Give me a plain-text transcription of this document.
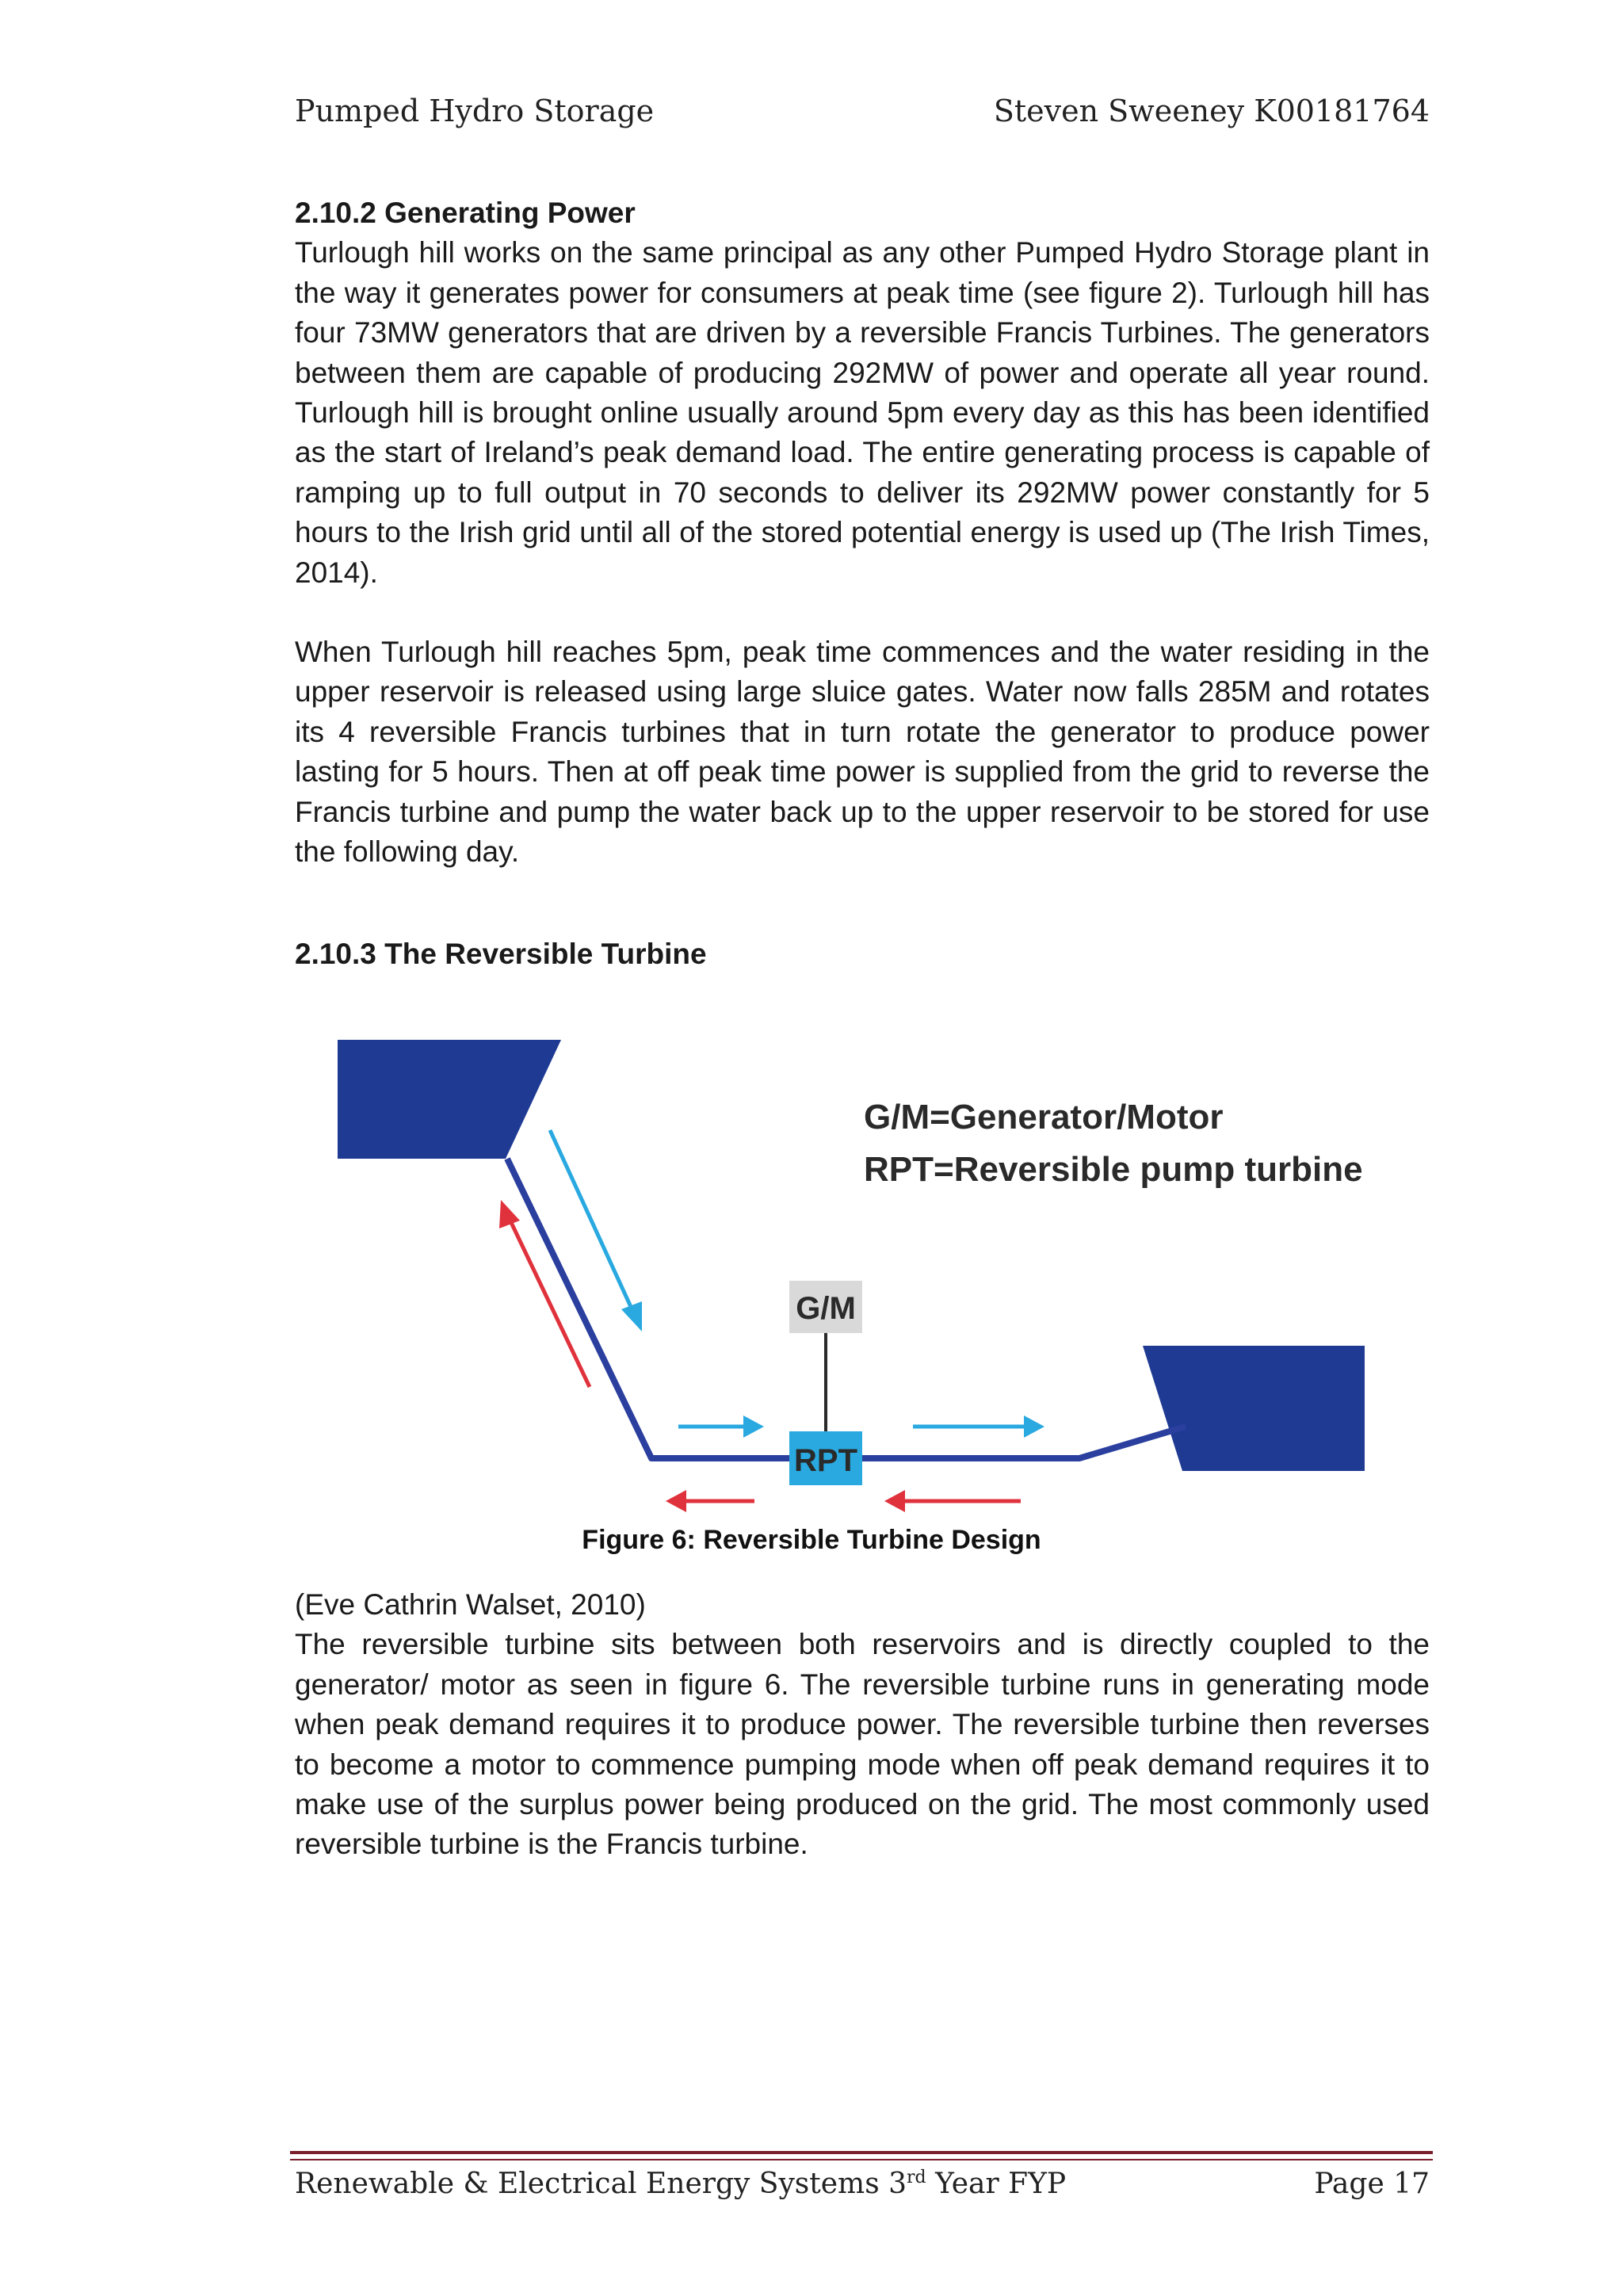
Pumped Hydro Storage	Steven Sweeney K00181764
2.10.2 Generating Power

Turlough hill works on the same principal as any other Pumped Hydro Storage plant in the way it generates power for consumers at peak time (see figure 2). Turlough hill has four 73MW generators that are driven by a reversible Francis Turbines. The generators between them are capable of producing 292MW of power and operate all year round. Turlough hill is brought online usually around 5pm every day as this has been identified as the start of Ireland’s peak demand load. The entire generating process is capable of ramping up to full output in 70 seconds to deliver its 292MW power constantly for 5 hours to the Irish grid until all of the stored potential energy is used up (The Irish Times, 2014).

When Turlough hill reaches 5pm, peak time commences and the water residing in the upper reservoir is released using large sluice gates. Water now falls 285M and rotates its 4 reversible Francis turbines that in turn rotate the generator to produce power lasting for 5 hours. Then at off peak time power is supplied from the grid to reverse the Francis turbine and pump the water back up to the upper reservoir to be stored for use the following day.

2.10.3 The Reversible Turbine
G/M=Generator/Motor
RPT=Reversible pump turbine
G/M
RPT
Figure 6: Reversible Turbine Design

(Eve Cathrin Walset, 2010)

The reversible turbine sits between both reservoirs and is directly coupled to the generator/ motor as seen in figure 6. The reversible turbine runs in generating mode when peak demand requires it to produce power. The reversible turbine then reverses to become a motor to commence pumping mode when off peak demand requires it to make use of the surplus power being produced on the grid. The most commonly used reversible turbine is the Francis turbine.

Renewable & Electrical Energy Systems 3rd Year FYP	Page 17
